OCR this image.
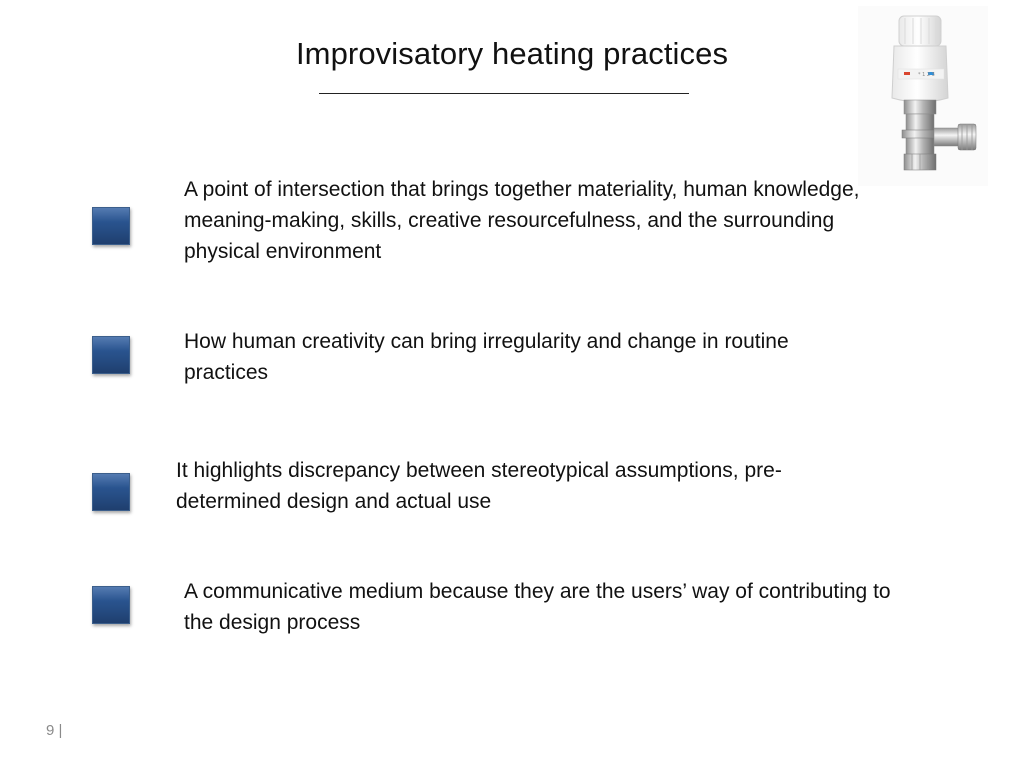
Improvisatory heating practices
* 1 2 3
A point of intersection that brings together materiality, human knowledge, meaning-making, skills, creative resourcefulness, and the surrounding physical environment
How human creativity can bring irregularity and change in routine practices
It highlights discrepancy between stereotypical assumptions, pre-determined design and actual use
A communicative medium because they are the users’ way of contributing to the design process
9 |
